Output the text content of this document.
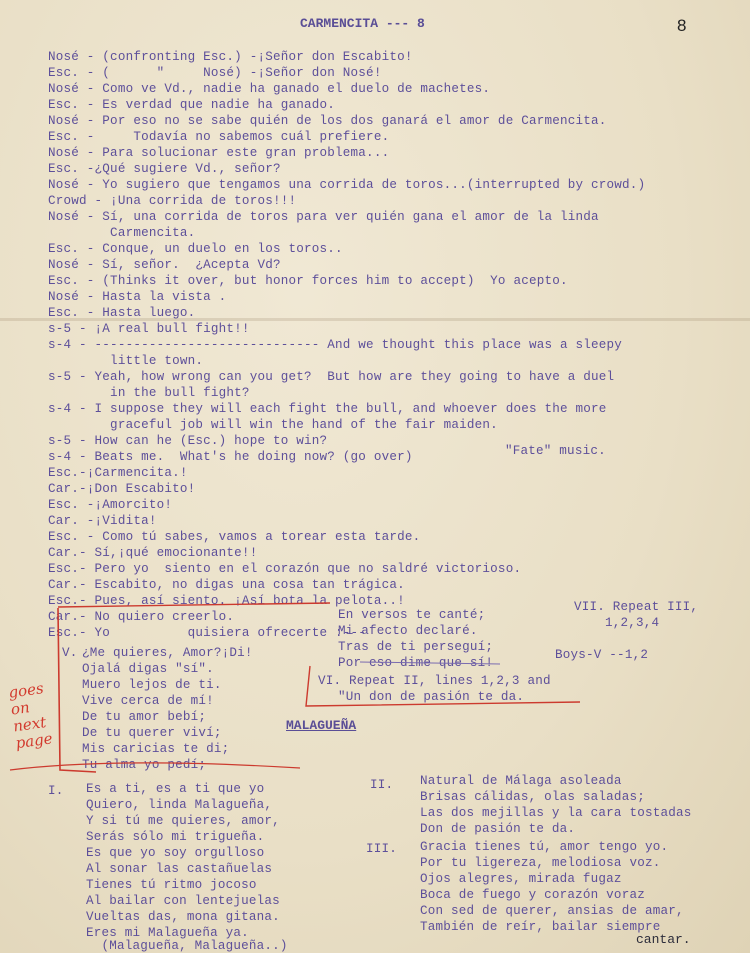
CARMENCITA --- 8	8
Nosé - (confronting Esc.) -¡Señor don Escabito!
Esc. - (      "     Nosé) -¡Señor don Nosé!
Nosé - Como ve Vd., nadie ha ganado el duelo de machetes.
Esc. - Es verdad que nadie ha ganado.
Nosé - Por eso no se sabe quién de los dos ganará el amor de Carmencita.
Esc. -     Todavía no sabemos cuál prefiere.
Nosé - Para solucionar este gran problema...
Esc. -¿Qué sugiere Vd., señor?
Nosé - Yo sugiero que tengamos una corrida de toros...(interrupted by crowd.)
Crowd - ¡Una corrida de toros!!!
Nosé - Sí, una corrida de toros para ver quién gana el amor de la linda
Carmencita.
Esc. - Conque, un duelo en los toros..
Nosé - Sí, señor.  ¿Acepta Vd?
Esc. - (Thinks it over, but honor forces him to accept)  Yo acepto.
Nosé - Hasta la vista .
Esc. - Hasta luego.
s-5 - ¡A real bull fight!!
s-4 - ----------------------------- And we thought this place was a sleepy
little town.
s-5 - Yeah, how wrong can you get?  But how are they going to have a duel
in the bull fight?
s-4 - I suppose they will each fight the bull, and whoever does the more
graceful job will win the hand of the fair maiden.
s-5 - How can he (Esc.) hope to win?
s-4 - Beats me.  What's he doing now? (go over)
Esc.-¡Carmencita.!
Car.-¡Don Escabito!
Esc. -¡Amorcito!
Car. -¡Vidita!
Esc. - Como tú sabes, vamos a torear esta tarde.
Car.- Sí,¡qué emocionante!!
Esc.- Pero yo  siento en el corazón que no saldré victorioso.
Car.- Escabito, no digas una cosa tan trágica.
Esc.- Pues, así siento. ¡Así bota la pelota..!
Car.- No quiero creerlo.
Esc.- Yo          quisiera ofrecerte :---
"Fate" music.
V. ¿Me quieres, Amor?¡Di!
Ojalá digas "sí".
Muero lejos de ti.
Vive cerca de mí!
De tu amor bebí;
De tu querer viví;
Mis caricias te di;
Tu alma yo pedí;
En versos te canté;
Mi afecto declaré.
Tras de ti perseguí;
Por eso dime que sí!
VII. Repeat III,
1,2,3,4
Boys-V --1,2
VI. Repeat II, lines 1,2,3 and
"Un don de pasión te da.
goes
on
next
page
MALAGUEÑA
I. Es a ti, es a ti que yo
Quiero, linda Malagueña,
Y si tú me quieres, amor,
Serás sólo mi trigueña.
Es que yo soy orgulloso
Al sonar las castañuelas
Tienes tú ritmo jocoso
Al bailar con lentejuelas
Vueltas das, mona gitana.
Eres mi Malagueña ya.
(Malagueña, Malagueña..)
II. Natural de Málaga asoleada
Brisas cálidas, olas saladas;
Las dos mejillas y la cara tostadas
Don de pasión te da.
III. Gracia tienes tú, amor tengo yo.
Por tu ligereza, melodiosa voz.
Ojos alegres, mirada fugaz
Boca de fuego y corazón voraz
Con sed de querer, ansias de amar,
También de reír, bailar siempre
cantar.
